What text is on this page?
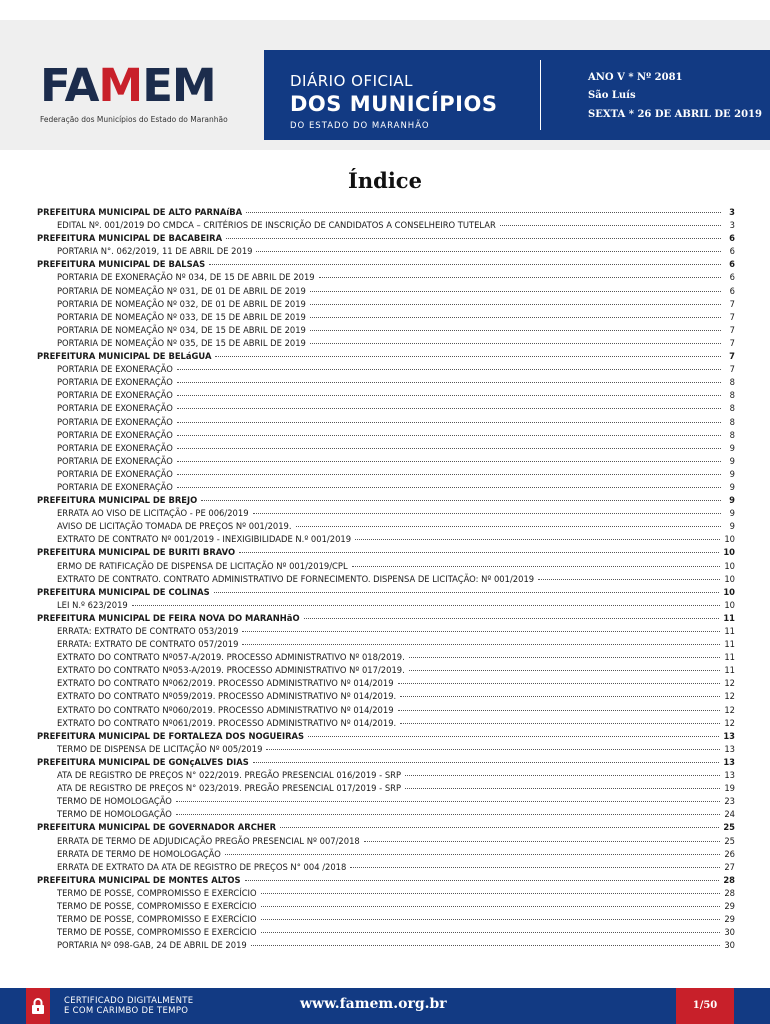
FAMEM
Federação dos Municípios do Estado do Maranhão
DIÁRIO OFICIAL
DOS MUNICÍPIOS
DO ESTADO DO MARANHÃO
ANO V * Nº 2081
São Luís
SEXTA * 26 DE ABRIL DE 2019
Índice
PREFEITURA MUNICIPAL DE ALTO PARNAíBA	3
EDITAL Nº. 001/2019 DO CMDCA – CRITÉRIOS DE INSCRIÇÃO DE CANDIDATOS A CONSELHEIRO TUTELAR	3
PREFEITURA MUNICIPAL DE BACABEIRA	6
PORTARIA N°. 062/2019, 11 DE ABRIL DE 2019	6
PREFEITURA MUNICIPAL DE BALSAS	6
PORTARIA DE EXONERAÇÃO Nº 034, DE 15 DE ABRIL DE 2019	6
PORTARIA DE NOMEAÇÃO Nº 031, DE 01 DE ABRIL DE 2019	6
PORTARIA DE NOMEAÇÃO Nº 032, DE 01 DE ABRIL DE 2019	7
PORTARIA DE NOMEAÇÃO Nº 033, DE 15 DE ABRIL DE 2019	7
PORTARIA DE NOMEAÇÃO Nº 034, DE 15 DE ABRIL DE 2019	7
PORTARIA DE NOMEAÇÃO Nº 035, DE 15 DE ABRIL DE 2019	7
PREFEITURA MUNICIPAL DE BELáGUA	7
PORTARIA DE EXONERAÇÃO	7
PORTARIA DE EXONERAÇÃO	8
PORTARIA DE EXONERAÇÃO	8
PORTARIA DE EXONERAÇÃO	8
PORTARIA DE EXONERAÇÃO	8
PORTARIA DE EXONERAÇÃO	8
PORTARIA DE EXONERAÇÃO	9
PORTARIA DE EXONERAÇÃO	9
PORTARIA DE EXONERAÇÃO	9
PORTARIA DE EXONERAÇÃO	9
PREFEITURA MUNICIPAL DE BREJO	9
ERRATA AO VISO DE LICITAÇÃO - PE 006/2019	9
AVISO DE LICITAÇÃO TOMADA DE PREÇOS Nº 001/2019.	9
EXTRATO DE CONTRATO Nº 001/2019 - INEXIGIBILIDADE N.º 001/2019	10
PREFEITURA MUNICIPAL DE BURITI BRAVO	10
ERMO DE RATIFICAÇÃO DE DISPENSA DE LICITAÇÃO Nº 001/2019/CPL	10
EXTRATO DE CONTRATO. CONTRATO ADMINISTRATIVO DE FORNECIMENTO. DISPENSA DE LICITAÇÃO: Nº 001/2019	10
PREFEITURA MUNICIPAL DE COLINAS	10
LEI N.º 623/2019	10
PREFEITURA MUNICIPAL DE FEIRA NOVA DO MARANHãO	11
ERRATA: EXTRATO DE CONTRATO 053/2019	11
ERRATA: EXTRATO DE CONTRATO 057/2019	11
EXTRATO DO CONTRATO Nº057-A/2019. PROCESSO ADMINISTRATIVO Nº 018/2019.	11
EXTRATO DO CONTRATO Nº053-A/2019. PROCESSO ADMINISTRATIVO Nº 017/2019.	11
EXTRATO DO CONTRATO Nº062/2019. PROCESSO ADMINISTRATIVO Nº 014/2019	12
EXTRATO DO CONTRATO Nº059/2019. PROCESSO ADMINISTRATIVO Nº 014/2019.	12
EXTRATO DO CONTRATO Nº060/2019. PROCESSO ADMINISTRATIVO Nº 014/2019	12
EXTRATO DO CONTRATO Nº061/2019. PROCESSO ADMINISTRATIVO Nº 014/2019.	12
PREFEITURA MUNICIPAL DE FORTALEZA DOS NOGUEIRAS	13
TERMO DE DISPENSA DE LICITAÇÃO Nº 005/2019	13
PREFEITURA MUNICIPAL DE GONçALVES DIAS	13
ATA DE REGISTRO DE PREÇOS N° 022/2019. PREGÃO PRESENCIAL 016/2019 - SRP	13
ATA DE REGISTRO DE PREÇOS N° 023/2019. PREGÃO PRESENCIAL 017/2019 - SRP	19
TERMO DE HOMOLOGAÇÃO	23
TERMO DE HOMOLOGAÇÃO	24
PREFEITURA MUNICIPAL DE GOVERNADOR ARCHER	25
ERRATA DE TERMO DE ADJUDICAÇÃO PREGÃO PRESENCIAL Nº 007/2018	25
ERRATA DE TERMO DE HOMOLOGAÇÃO	26
ERRATA DE EXTRATO DA ATA DE REGISTRO DE PREÇOS N° 004 /2018	27
PREFEITURA MUNICIPAL DE MONTES ALTOS	28
TERMO DE POSSE, COMPROMISSO E EXERCÍCIO	28
TERMO DE POSSE, COMPROMISSO E EXERCÍCIO	29
TERMO DE POSSE, COMPROMISSO E EXERCÍCIO	29
TERMO DE POSSE, COMPROMISSO E EXERCÍCIO	30
PORTARIA Nº 098-GAB, 24 DE ABRIL DE 2019	30
CERTIFICADO DIGITALMENTE
E COM CARIMBO DE TEMPO	www.famem.org.br	1/50
